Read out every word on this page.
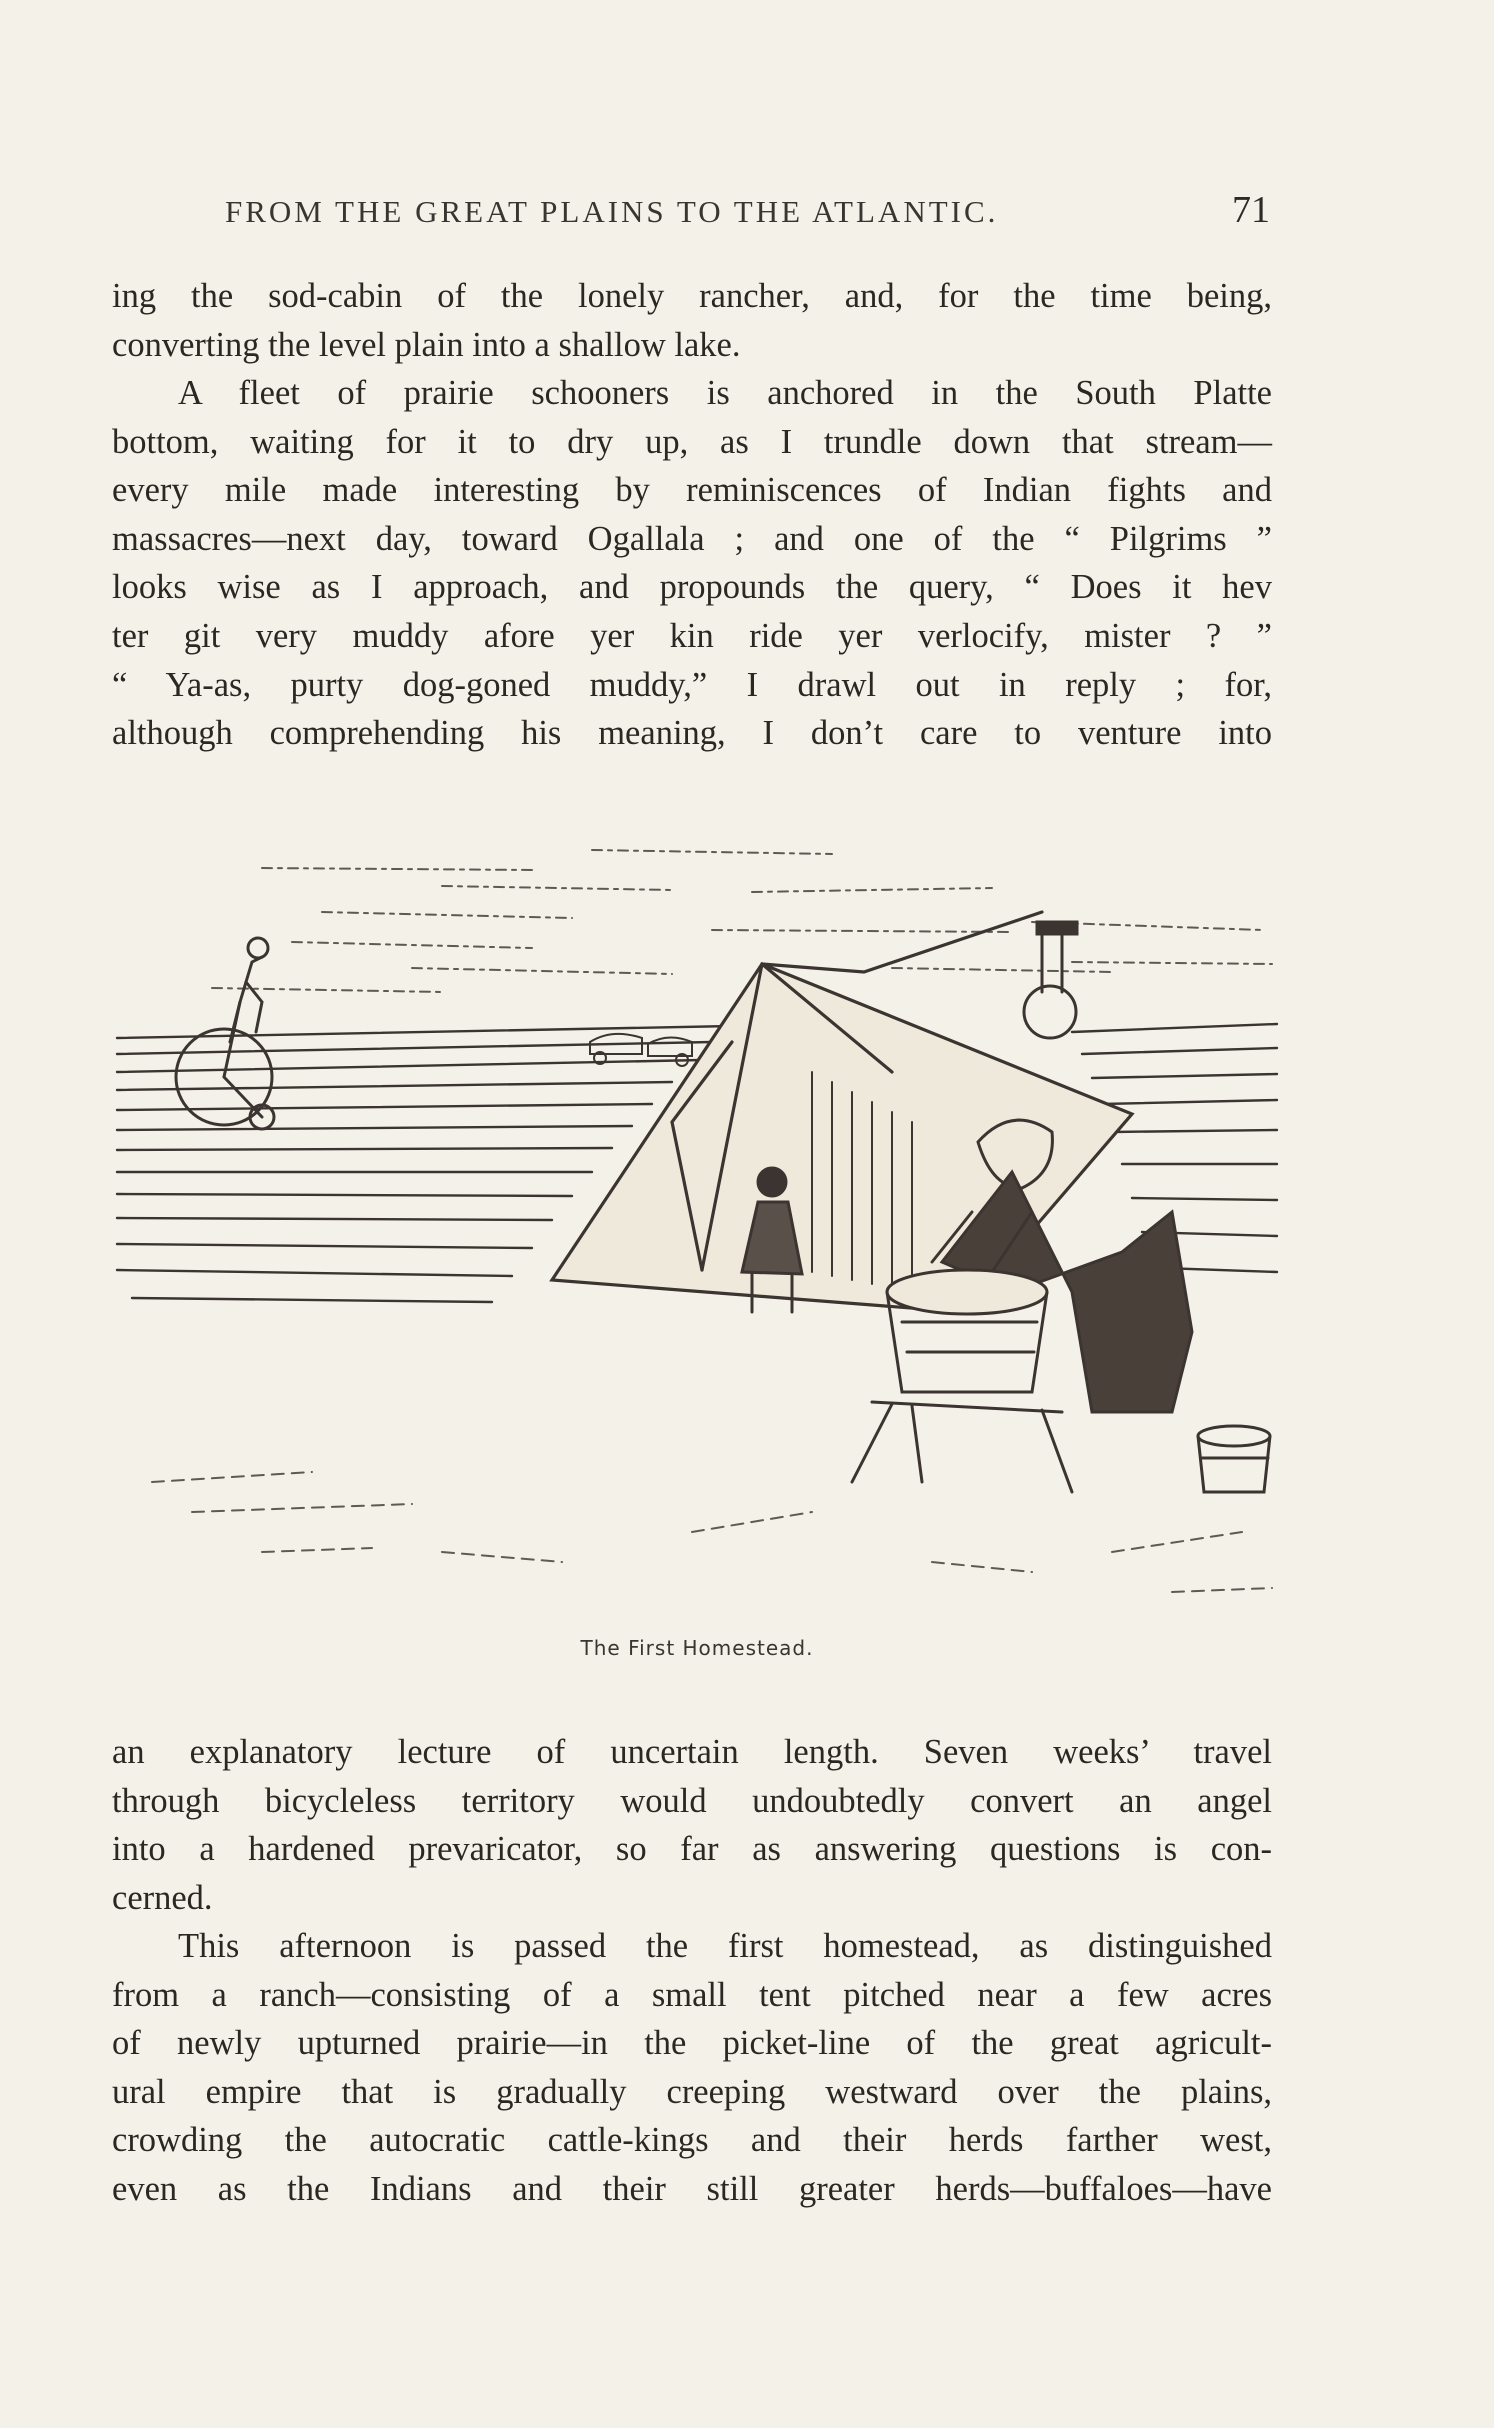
FROM THE GREAT PLAINS TO THE ATLANTIC.	71
ing the sod-cabin of the lonely rancher, and, for the time being,
converting the level plain into a shallow lake.
A fleet of prairie schooners is anchored in the South Platte
bottom, waiting for it to dry up, as I trundle down that stream—
every mile made interesting by reminiscences of Indian fights and
massacres—next day, toward Ogallala ; and one of the “ Pilgrims ”
looks wise as I approach, and propounds the query, “ Does it hev
ter git very muddy afore yer kin ride yer verlocify, mister ? ”
“ Ya-as, purty dog-goned muddy,” I drawl out in reply ; for,
although comprehending his meaning, I don’t care to venture into
The First Homestead.
an explanatory lecture of uncertain length. Seven weeks’ travel
through bicycleless territory would undoubtedly convert an angel
into a hardened prevaricator, so far as answering questions is con-
cerned.
This afternoon is passed the first homestead, as distinguished
from a ranch—consisting of a small tent pitched near a few acres
of newly upturned prairie—in the picket-line of the great agricult-
ural empire that is gradually creeping westward over the plains,
crowding the autocratic cattle-kings and their herds farther west,
even as the Indians and their still greater herds—buffaloes—have
